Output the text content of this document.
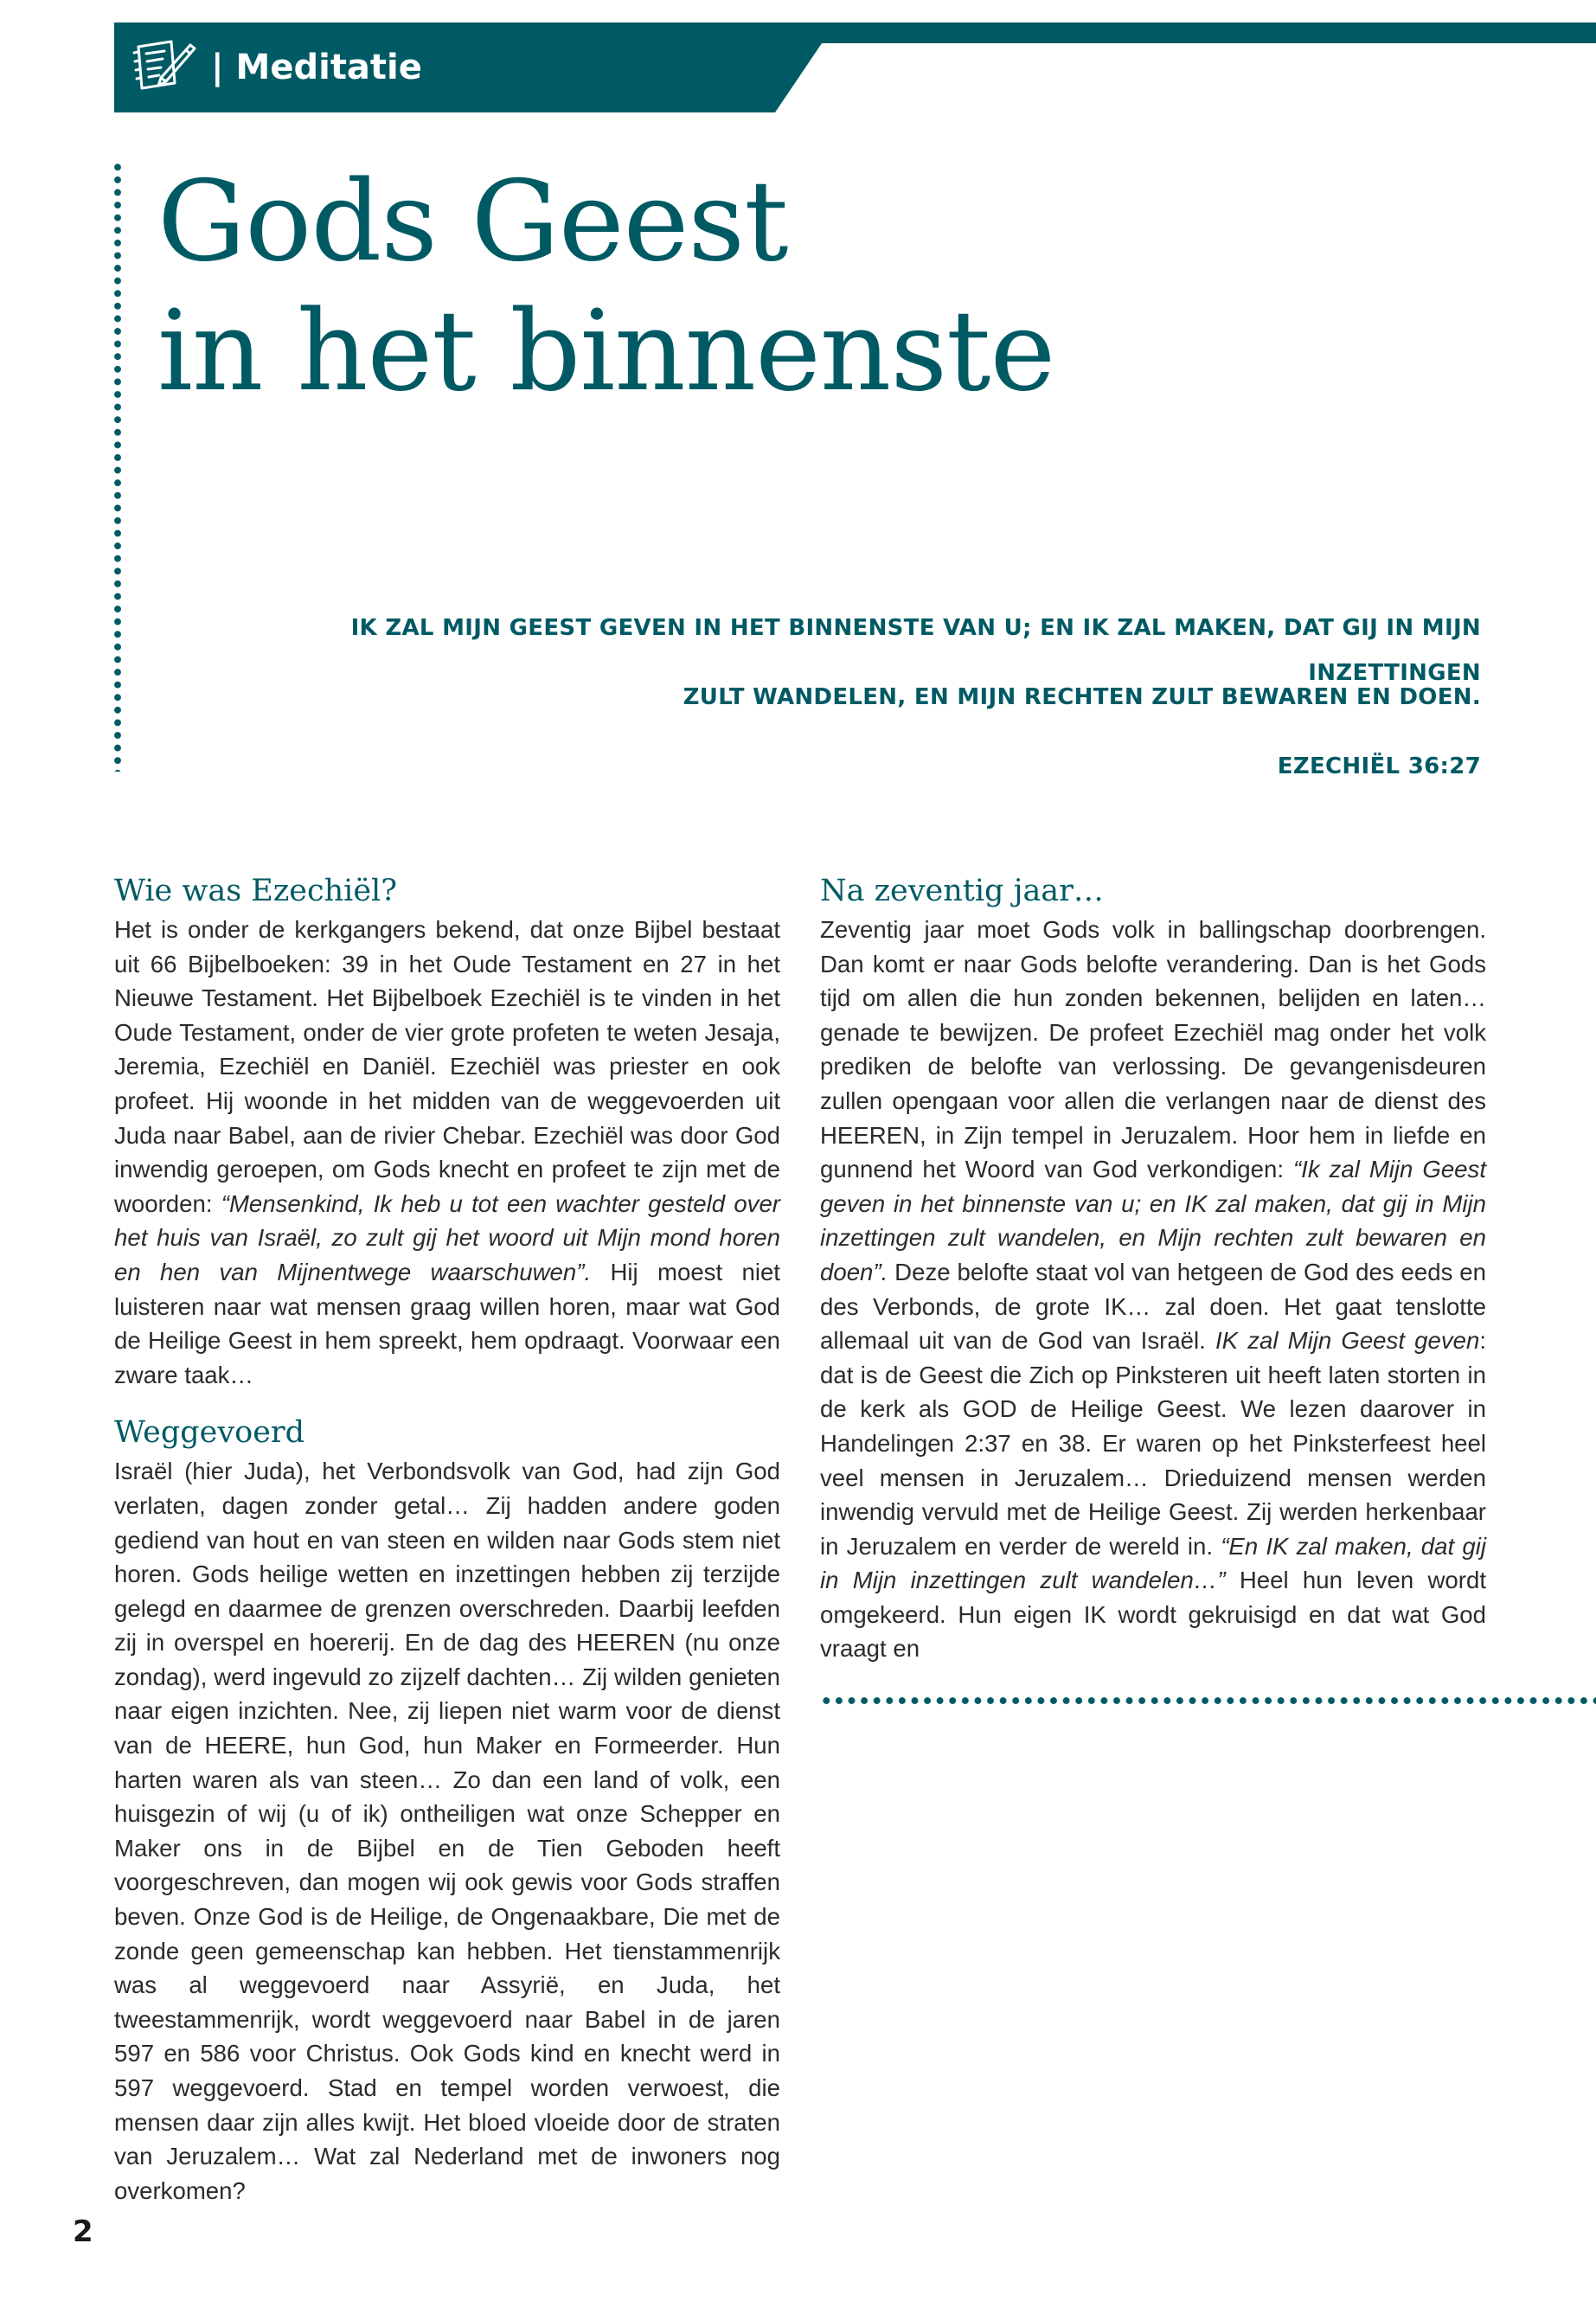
| Meditatie
Gods Geest
in het binnenste
IK ZAL MIJN GEEST GEVEN IN HET BINNENSTE VAN U; EN IK ZAL MAKEN, DAT GIJ IN MIJN INZETTINGEN
ZULT WANDELEN, EN MIJN RECHTEN ZULT BEWAREN EN DOEN.
EZECHIËL 36:27
Wie was Ezechiël?

Het is onder de kerkgangers bekend, dat onze Bijbel bestaat uit 66 Bijbelboeken: 39 in het Oude Testament en 27 in het Nieuwe Testament. Het Bijbelboek Ezechiël is te vinden in het Oude Testament, onder de vier grote profeten te weten Jesaja, Jeremia, Ezechiël en Daniël. Ezechiël was priester en ook profeet. Hij woonde in het midden van de weggevoerden uit Juda naar Babel, aan de rivier Chebar. Ezechiël was door God inwendig geroepen, om Gods knecht en profeet te zijn met de woorden: “Mensenkind, Ik heb u tot een wachter gesteld over het huis van Israël, zo zult gij het woord uit Mijn mond horen en hen van Mijnentwege waarschuwen”. Hij moest niet luisteren naar wat mensen graag willen horen, maar wat God de Heilige Geest in hem spreekt, hem opdraagt. Voorwaar een zware taak…

Weggevoerd

Israël (hier Juda), het Verbondsvolk van God, had zijn God verlaten, dagen zonder getal… Zij hadden andere goden gediend van hout en van steen en wilden naar Gods stem niet horen. Gods heilige wetten en inzettingen hebben zij terzijde gelegd en daarmee de grenzen overschreden. Daarbij leefden zij in overspel en hoererij. En de dag des HEEREN (nu onze zondag), werd ingevuld zo zijzelf dachten… Zij wilden genieten naar eigen inzichten. Nee, zij liepen niet warm voor de dienst van de HEERE, hun God, hun Maker en Formeerder. Hun harten waren als van steen… Zo dan een land of volk, een huisgezin of wij (u of ik) ontheiligen wat onze Schepper en Maker ons in de Bijbel en de Tien Geboden heeft voorgeschreven, dan mogen wij ook gewis voor Gods straffen beven. Onze God is de Heilige, de Ongenaakbare, Die met de zonde geen gemeenschap kan hebben. Het tienstammenrijk was al weggevoerd naar Assyrië, en Juda, het tweestammenrijk, wordt weggevoerd naar Babel in de jaren 597 en 586 voor Christus. Ook Gods kind en knecht werd in 597 weggevoerd. Stad en tempel worden verwoest, die mensen daar zijn alles kwijt. Het bloed vloeide door de straten van Jeruzalem… Wat zal Nederland met de inwoners nog overkomen?

Na zeventig jaar…

Zeventig jaar moet Gods volk in ballingschap doorbrengen. Dan komt er naar Gods belofte verandering. Dan is het Gods tijd om allen die hun zonden bekennen, belijden en laten… genade te bewijzen. De profeet Ezechiël mag onder het volk prediken de belofte van verlossing. De gevangenisdeuren zullen opengaan voor allen die verlangen naar de dienst des HEEREN, in Zijn tempel in Jeruzalem. Hoor hem in liefde en gunnend het Woord van God verkondigen: “Ik zal Mijn Geest geven in het binnenste van u; en IK zal maken, dat gij in Mijn inzettingen zult wandelen, en Mijn rechten zult bewaren en doen”. Deze belofte staat vol van hetgeen de God des eeds en des Verbonds, de grote IK… zal doen. Het gaat tenslotte allemaal uit van de God van Israël. IK zal Mijn Geest geven: dat is de Geest die Zich op Pinksteren uit heeft laten storten in de kerk als GOD de Heilige Geest. We lezen daarover in Handelingen 2:37 en 38. Er waren op het Pinksterfeest heel veel mensen in Jeruzalem… Drieduizend mensen werden inwendig vervuld met de Heilige Geest. Zij werden herkenbaar in Jeruzalem en verder de wereld in. “En IK zal maken, dat gij in Mijn inzettingen zult wandelen…” Heel hun leven wordt omgekeerd. Hun eigen IK wordt gekruisigd en dat wat God vraagt en

2
